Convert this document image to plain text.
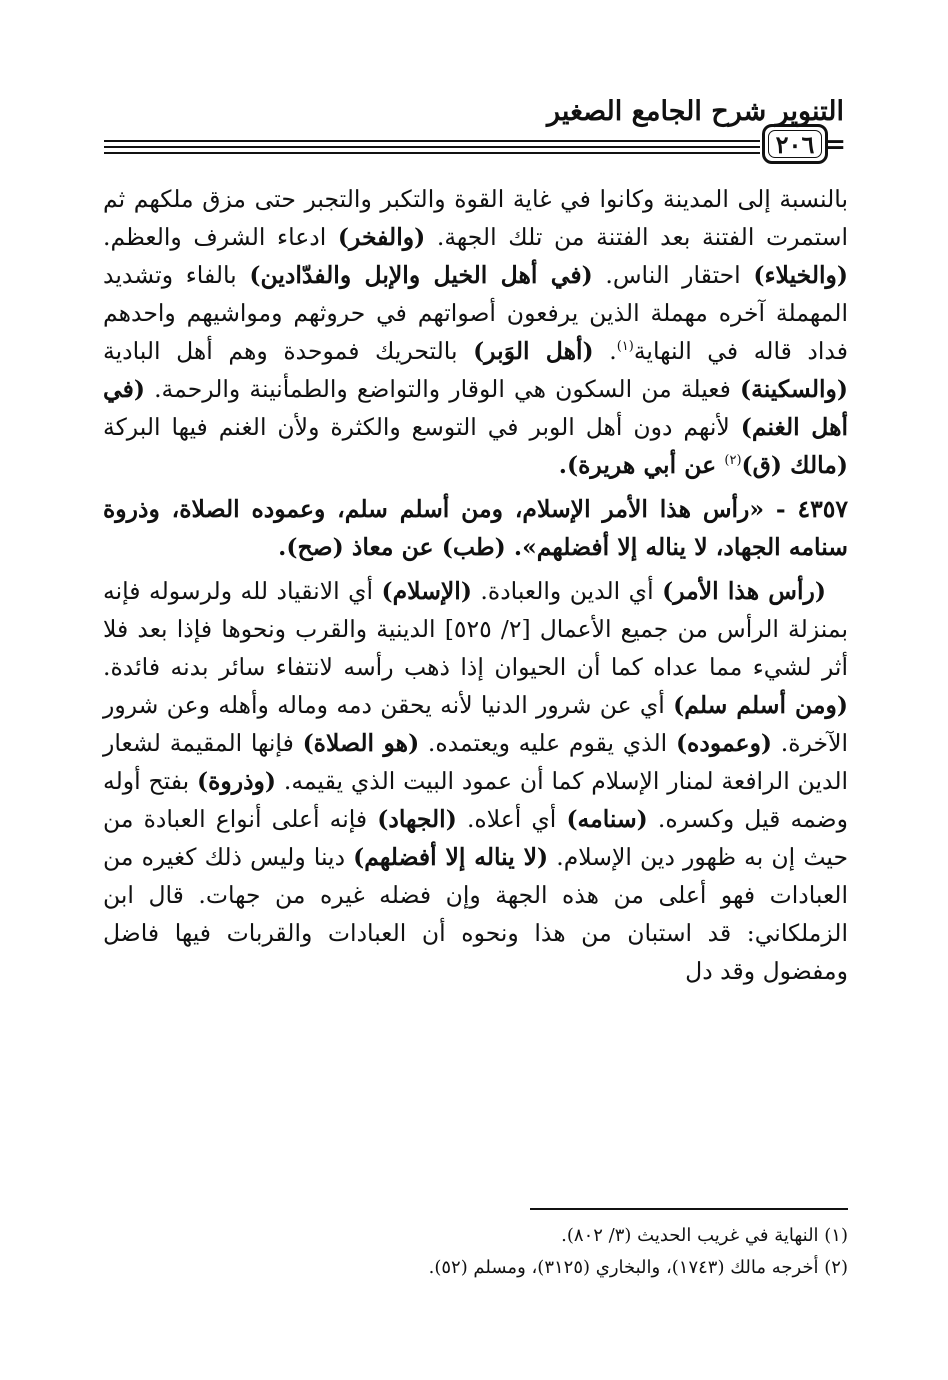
التنوير شرح الجامع الصغير
٢٠٦ =

بالنسبة إلى المدينة وكانوا في غاية القوة والتكبر والتجبر حتى مزق ملكهم ثم استمرت الفتنة بعد الفتنة من تلك الجهة. (والفخر) ادعاء الشرف والعظم. (والخيلاء) احتقار الناس. (في أهل الخيل والإبل والفدّادين) بالفاء وتشديد المهملة آخره مهملة الذين يرفعون أصواتهم في حروثهم ومواشيهم واحدهم فداد قاله في النهاية$^{(١)}$. (أهل الوَبر) بالتحريك فموحدة وهم أهل البادية (والسكينة) فعيلة من السكون هي الوقار والتواضع والطمأنينة والرحمة. (في أهل الغنم) لأنهم دون أهل الوبر في التوسع والكثرة ولأن الغنم فيها البركة (مالك (ق)$^{(٢)}$ عن أبي هريرة).

٤٣٥٧ - «رأس هذا الأمر الإسلام، ومن أسلم سلم، وعموده الصلاة، وذروة سنامه الجهاد، لا يناله إلا أفضلهم». (طب) عن معاذ (صح).

(رأس هذا الأمر) أي الدين والعبادة. (الإسلام) أي الانقياد لله ولرسوله فإنه بمنزلة الرأس من جميع الأعمال [٢/ ٥٢٥] الدينية والقرب ونحوها فإذا بعد فلا أثر لشيء مما عداه كما أن الحيوان إذا ذهب رأسه لانتفاء سائر بدنه فائدة. (ومن أسلم سلم) أي عن شرور الدنيا لأنه يحقن دمه وماله وأهله وعن شرور الآخرة. (وعموده) الذي يقوم عليه ويعتمده. (هو الصلاة) فإنها المقيمة لشعار الدين الرافعة لمنار الإسلام كما أن عمود البيت الذي يقيمه. (وذروة) بفتح أوله وضمه قيل وكسره. (سنامه) أي أعلاه. (الجهاد) فإنه أعلى أنواع العبادة من حيث إن به ظهور دين الإسلام. (لا يناله إلا أفضلهم) دينا وليس ذلك كغيره من العبادات فهو أعلى من هذه الجهة وإن فضله غيره من جهات. قال ابن الزملكاني: قد استبان من هذا ونحوه أن العبادات والقربات فيها فاضل ومفضول وقد دل

(١) النهاية في غريب الحديث (٣/ ٨٠٢).
(٢) أخرجه مالك (١٧٤٣)، والبخاري (٣١٢٥)، ومسلم (٥٢).
